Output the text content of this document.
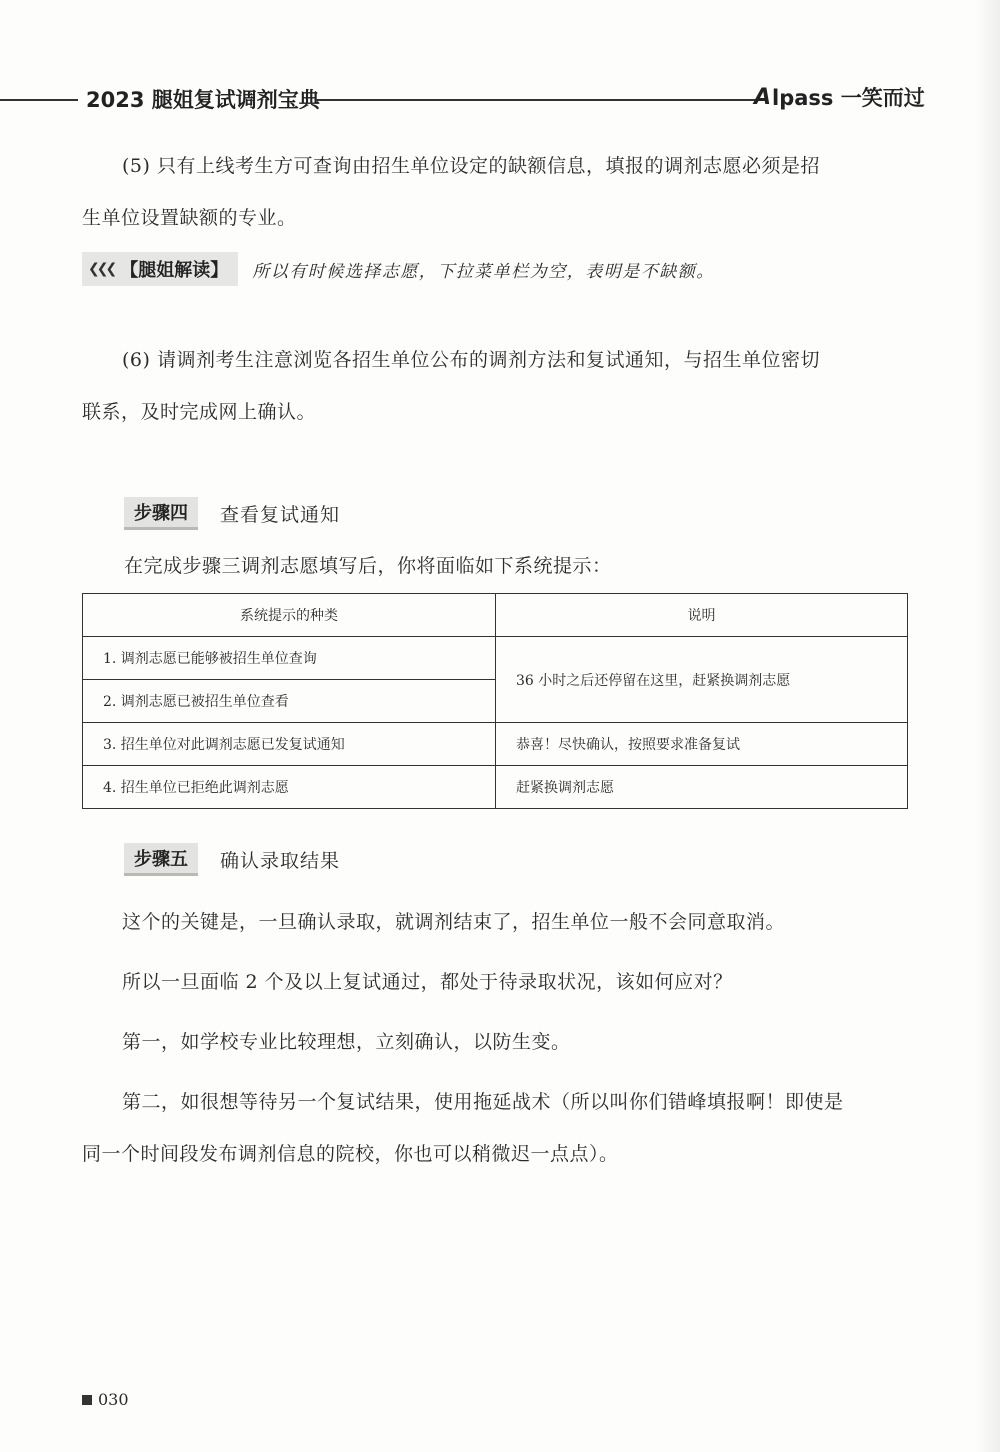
2023 腿姐复试调剂宝典	A lpass 一笑而过
(5) 只有上线考生方可查询由招生单位设定的缺额信息，填报的调剂志愿必须是招
生单位设置缺额的专业。
❮❮❮ 【腿姐解读】 所以有时候选择志愿，下拉菜单栏为空，表明是不缺额。
(6) 请调剂考生注意浏览各招生单位公布的调剂方法和复试通知，与招生单位密切
联系，及时完成网上确认。
步骤四	查看复试通知
在完成步骤三调剂志愿填写后，你将面临如下系统提示：
系统提示的种类	说明
1. 调剂志愿已能够被招生单位查询	36 小时之后还停留在这里，赶紧换调剂志愿
2. 调剂志愿已被招生单位查看	
3. 招生单位对此调剂志愿已发复试通知	恭喜！尽快确认，按照要求准备复试
4. 招生单位已拒绝此调剂志愿	赶紧换调剂志愿
步骤五	确认录取结果
这个的关键是，一旦确认录取，就调剂结束了，招生单位一般不会同意取消。
所以一旦面临 2 个及以上复试通过，都处于待录取状况，该如何应对？
第一，如学校专业比较理想，立刻确认，以防生变。
第二，如很想等待另一个复试结果，使用拖延战术（所以叫你们错峰填报啊！即使是
同一个时间段发布调剂信息的院校，你也可以稍微迟一点点）。
030
